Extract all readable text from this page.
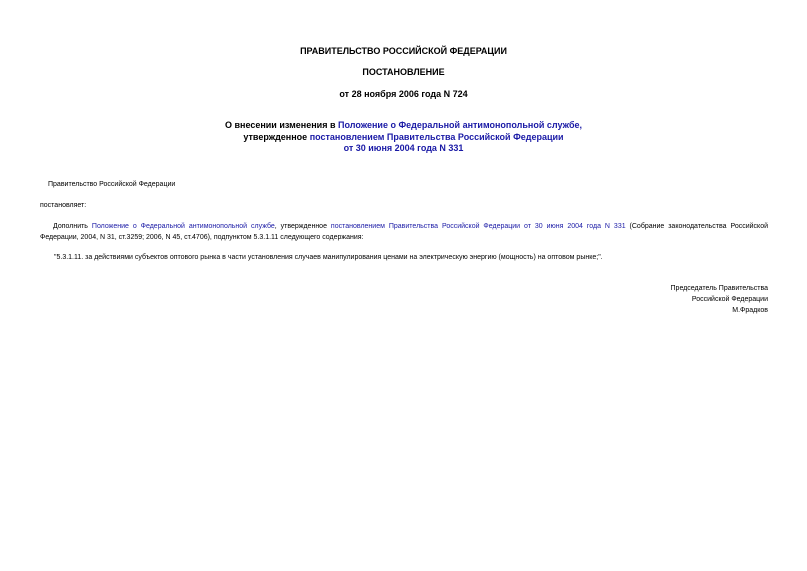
ПРАВИТЕЛЬСТВО РОССИЙСКОЙ ФЕДЕРАЦИИ
ПОСТАНОВЛЕНИЕ
от 28 ноября 2006 года N 724
О внесении изменения в Положение о Федеральной антимонопольной службе,
утвержденное постановлением Правительства Российской Федерации
от 30 июня 2004 года N 331
Правительство Российской Федерации
постановляет:
Дополнить Положение о Федеральной антимонопольной службе, утвержденное постановлением Правительства Российской Федерации от 30 июня 2004 года N 331 (Собрание законодательства Российской Федерации, 2004, N 31, ст.3259; 2006, N 45, ст.4706), подпунктом 5.3.1.11 следующего содержания:
"5.3.1.11. за действиями субъектов оптового рынка в части установления случаев манипулирования ценами на электрическую энергию (мощность) на оптовом рынке;".
Председатель Правительства
Российской Федерации
М.Фрадков
